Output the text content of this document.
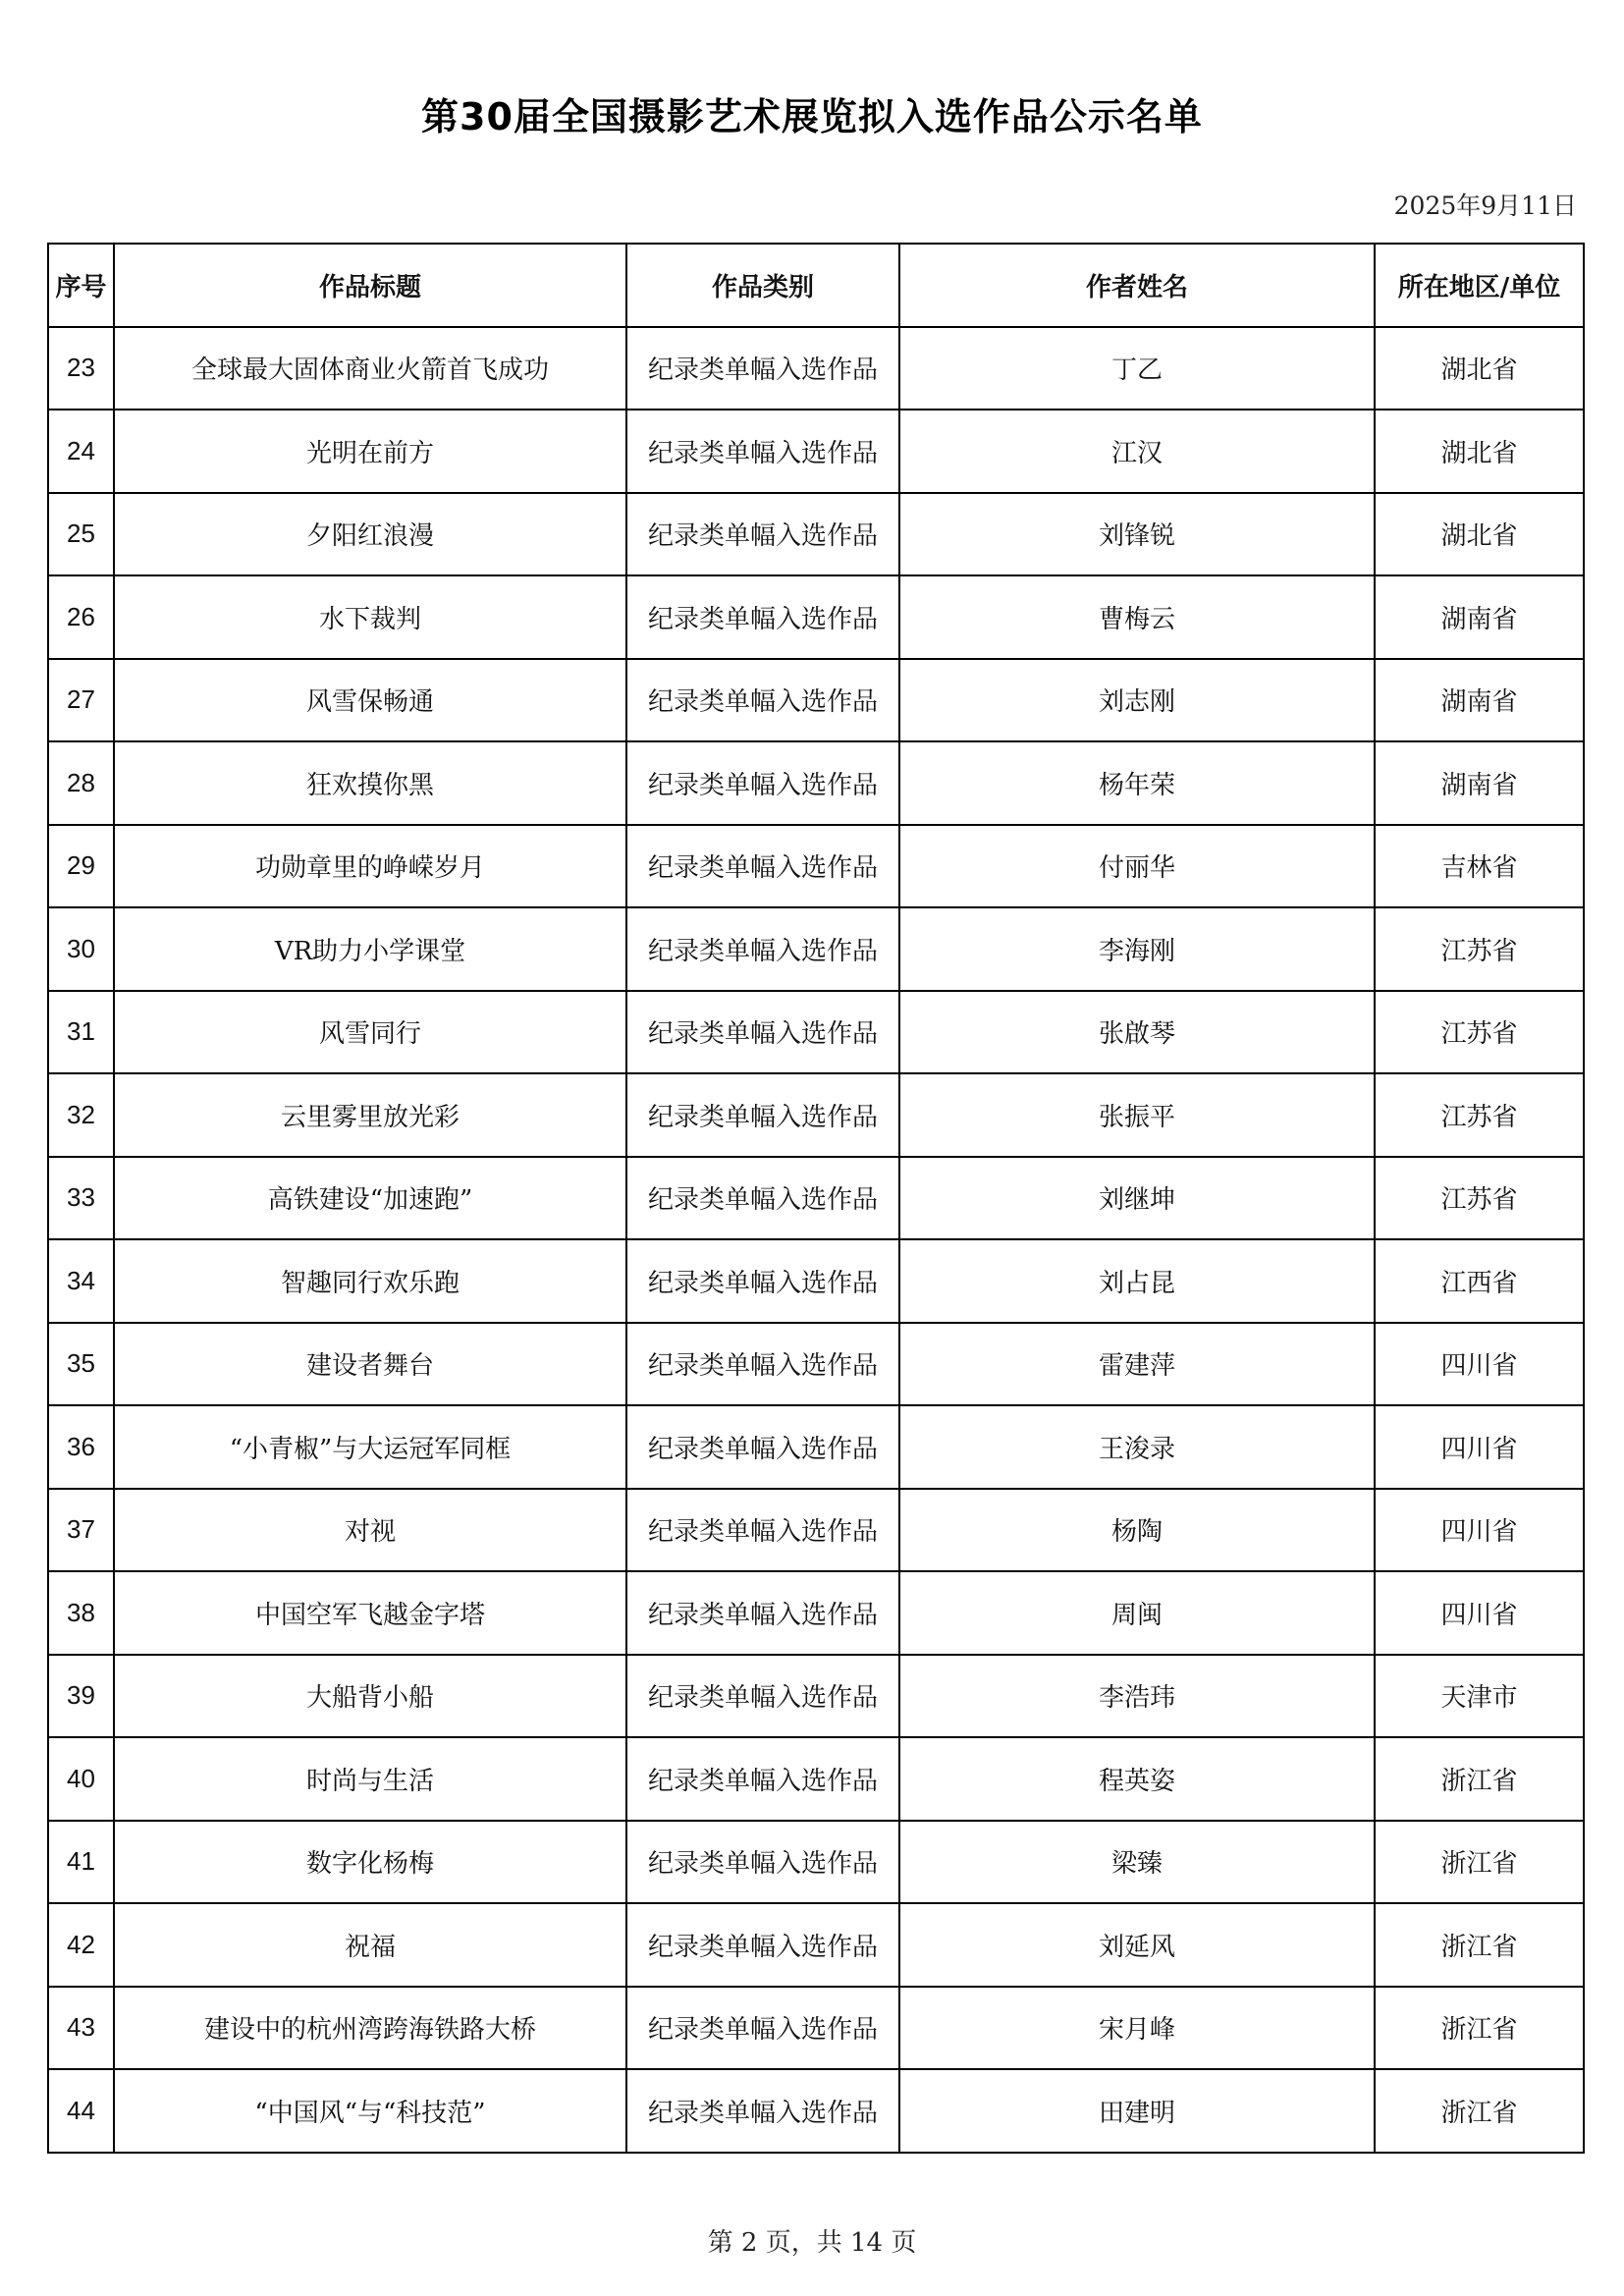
第30届全国摄影艺术展览拟入选作品公示名单
2025年9月11日
序号	作品标题	作品类别	作者姓名	所在地区/单位
23	全球最大固体商业火箭首飞成功	纪录类单幅入选作品	丁乙	湖北省
24	光明在前方	纪录类单幅入选作品	江汉	湖北省
25	夕阳红浪漫	纪录类单幅入选作品	刘锋锐	湖北省
26	水下裁判	纪录类单幅入选作品	曹梅云	湖南省
27	风雪保畅通	纪录类单幅入选作品	刘志刚	湖南省
28	狂欢摸你黑	纪录类单幅入选作品	杨年荣	湖南省
29	功勋章里的峥嵘岁月	纪录类单幅入选作品	付丽华	吉林省
30	VR助力小学课堂	纪录类单幅入选作品	李海刚	江苏省
31	风雪同行	纪录类单幅入选作品	张啟琴	江苏省
32	云里雾里放光彩	纪录类单幅入选作品	张振平	江苏省
33	高铁建设“加速跑”	纪录类单幅入选作品	刘继坤	江苏省
34	智趣同行欢乐跑	纪录类单幅入选作品	刘占昆	江西省
35	建设者舞台	纪录类单幅入选作品	雷建萍	四川省
36	“小青椒”与大运冠军同框	纪录类单幅入选作品	王浚录	四川省
37	对视	纪录类单幅入选作品	杨陶	四川省
38	中国空军飞越金字塔	纪录类单幅入选作品	周闽	四川省
39	大船背小船	纪录类单幅入选作品	李浩玮	天津市
40	时尚与生活	纪录类单幅入选作品	程英姿	浙江省
41	数字化杨梅	纪录类单幅入选作品	梁臻	浙江省
42	祝福	纪录类单幅入选作品	刘延风	浙江省
43	建设中的杭州湾跨海铁路大桥	纪录类单幅入选作品	宋月峰	浙江省
44	“中国风“与“科技范”	纪录类单幅入选作品	田建明	浙江省
第 2 页，共 14 页
